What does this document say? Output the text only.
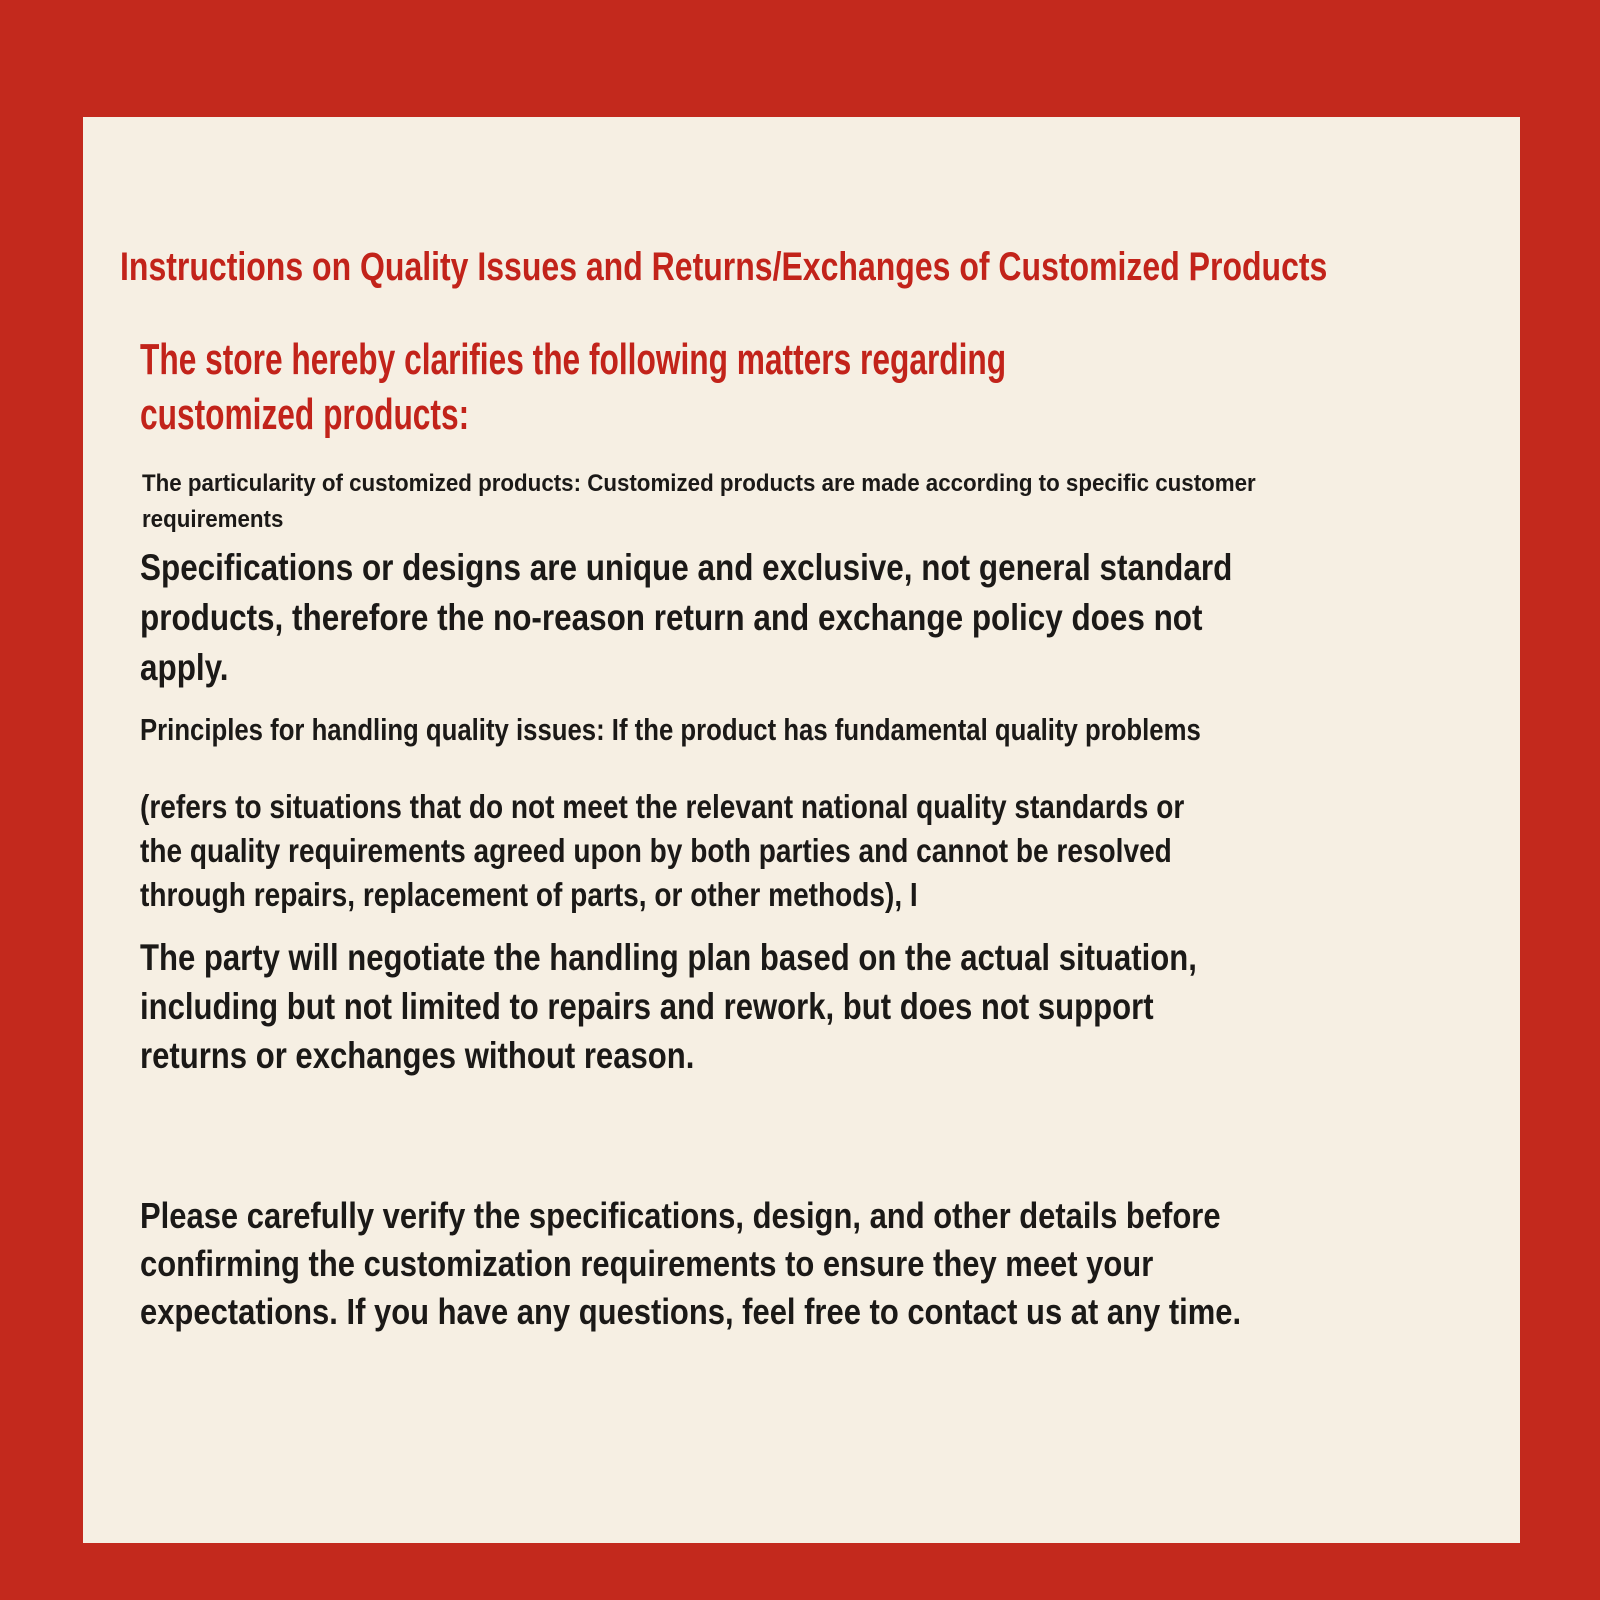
Instructions on Quality Issues and Returns/Exchanges of Customized Products
The store hereby clarifies the following matters regarding
customized products:
The particularity of customized products: Customized products are made according to specific customer
requirements
Specifications or designs are unique and exclusive, not general standard
products, therefore the no-reason return and exchange policy does not
apply.
Principles for handling quality issues: If the product has fundamental quality problems
(refers to situations that do not meet the relevant national quality standards or
the quality requirements agreed upon by both parties and cannot be resolved
through repairs, replacement of parts, or other methods), I
The party will negotiate the handling plan based on the actual situation,
including but not limited to repairs and rework, but does not support
returns or exchanges without reason.
Please carefully verify the specifications, design, and other details before
confirming the customization requirements to ensure they meet your
expectations. If you have any questions, feel free to contact us at any time.
